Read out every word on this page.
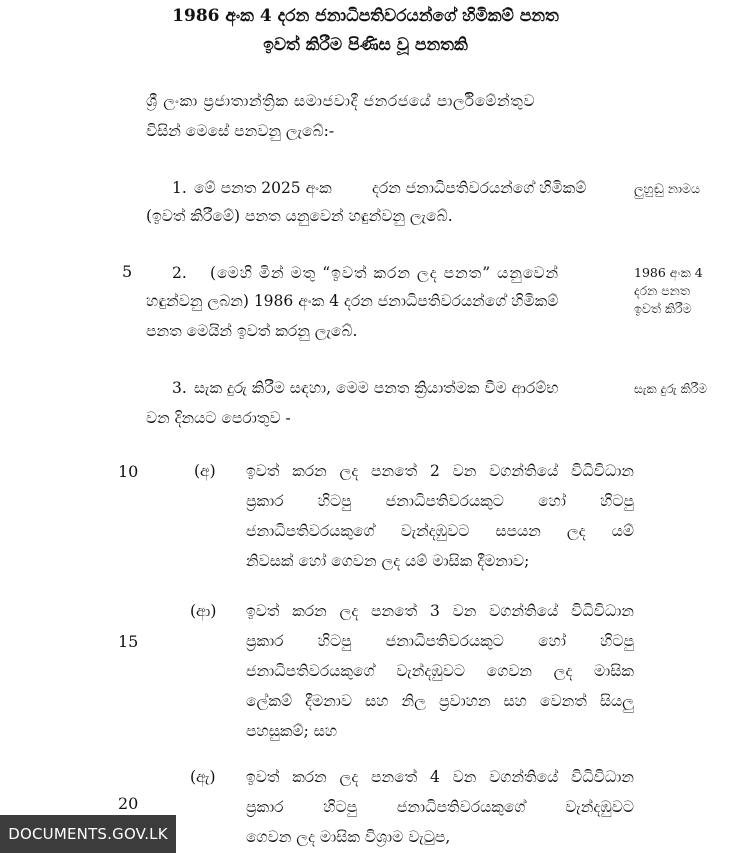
1986 අංක 4 දරන ජනාධිපතිවරයන්ගේ හිමිකම් පනත
ඉවත් කිරීම පිණිස වූ පනතකි
ශ්‍රී ලංකා ප්‍රජාතාන්ත්‍රික සමාජවාදී ජනරජයේ පාර්ලිමේන්තුව
විසින් මෙසේ පනවනු ලැබේ:-
1. මේ පනත 2025 අංක	දරන ජනාධිපතිවරයන්ගේ හිමිකම්
(ඉවත් කිරීමේ) පනත යනුවෙන් හඳුන්වනු ලැබේ.
ලුහුඬු නාමය
5	2. (මෙහි මින් මතු “ඉවත් කරන ලද පනත” යනුවෙන්
හඳුන්වනු ලබන) 1986 අංක 4 දරන ජනාධිපතිවරයන්ගේ හිමිකම්
පනත මෙයින් ඉවත් කරනු ලැබේ.
1986 අංක 4
දරන පනත
ඉවත් කිරීම
3. සැක දුරු කිරීම සඳහා, මෙම පනත ක්‍රියාත්මක වීම ආරම්භ
වන දිනයට පෙරාතුව -
සැක දුරු කිරීම
10	(අ) ඉවත් කරන ලද පනතේ 2 වන වගන්තියේ විධිවිධාන
ප්‍රකාර හිටපු ජනාධිපතිවරයකුට හෝ හිටපු
ජනාධිපතිවරයකුගේ වැන්දඹුවට සපයන ලද යම්
නිවසක් හෝ ගෙවන ලද යම් මාසික දීමනාව;
(ආ)
15
ඉවත් කරන ලද පනතේ 3 වන වගන්තියේ විධිවිධාන
ප්‍රකාර හිටපු ජනාධිපතිවරයකුට හෝ හිටපු
ජනාධිපතිවරයකුගේ වැන්දඹුවට ගෙවන ලද මාසික
ලේකම් දීමනාව සහ නිල ප්‍රවාහන සහ වෙනත් සියලු
පහසුකම්; සහ
(ඇ)
20
ඉවත් කරන ලද පනතේ 4 වන වගන්තියේ විධිවිධාන
ප්‍රකාර හිටපු ජනාධිපතිවරයකුගේ වැන්දඹුවට
ගෙවන ලද මාසික විශ්‍රාම වැටුප,
DOCUMENTS.GOV.LK
